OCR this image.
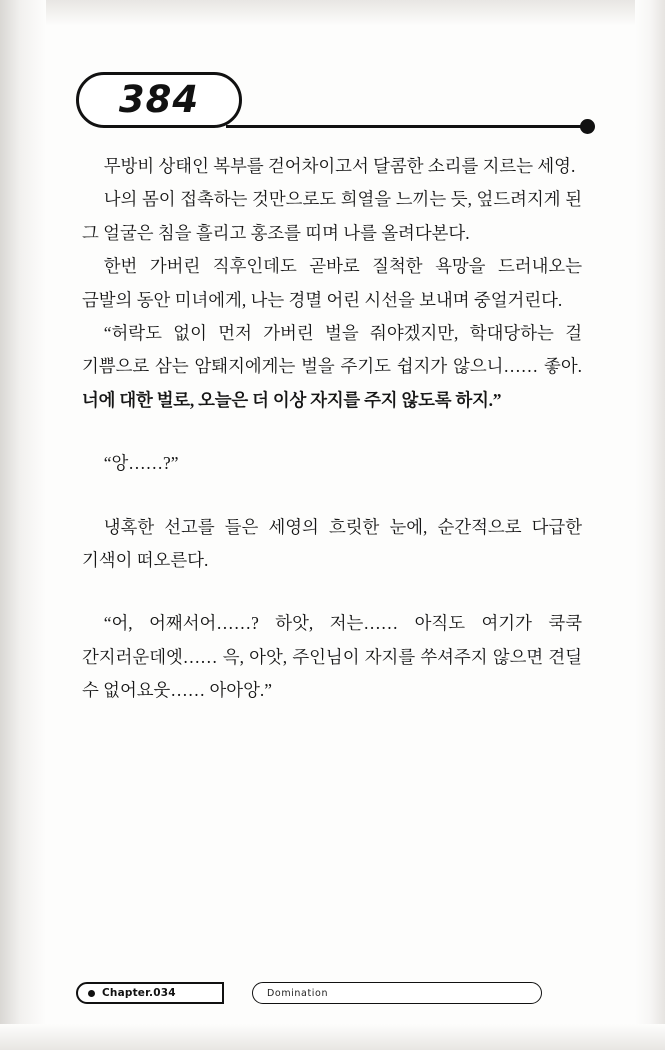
384

무방비 상태인 복부를 걷어차이고서 달콤한 소리를 지르는 세영.

나의 몸이 접촉하는 것만으로도 희열을 느끼는 듯, 엎드려지게 된 그 얼굴은 침을 흘리고 홍조를 띠며 나를 올려다본다.

한번 가버린 직후인데도 곧바로 질척한 욕망을 드러내오는 금발의 동안 미녀에게, 나는 경멸 어린 시선을 보내며 중얼거린다.

“허락도 없이 먼저 가버린 벌을 줘야겠지만, 학대당하는 걸 기쁨으로 삼는 암퇘지에게는 벌을 주기도 쉽지가 않으니…… 좋아. 너에 대한 벌로, 오늘은 더 이상 자지를 주지 않도록 하지.”

“앙……?”

냉혹한 선고를 들은 세영의 흐릿한 눈에, 순간적으로 다급한 기색이 떠오른다.

“어, 어째서어……? 하앗, 저는…… 아직도 여기가 쿡쿡 간지러운데엣…… 윽, 아앗, 주인님이 자지를 쑤셔주지 않으면 견딜 수 없어요웃…… 아아앙.”

Chapter.034	Domination
